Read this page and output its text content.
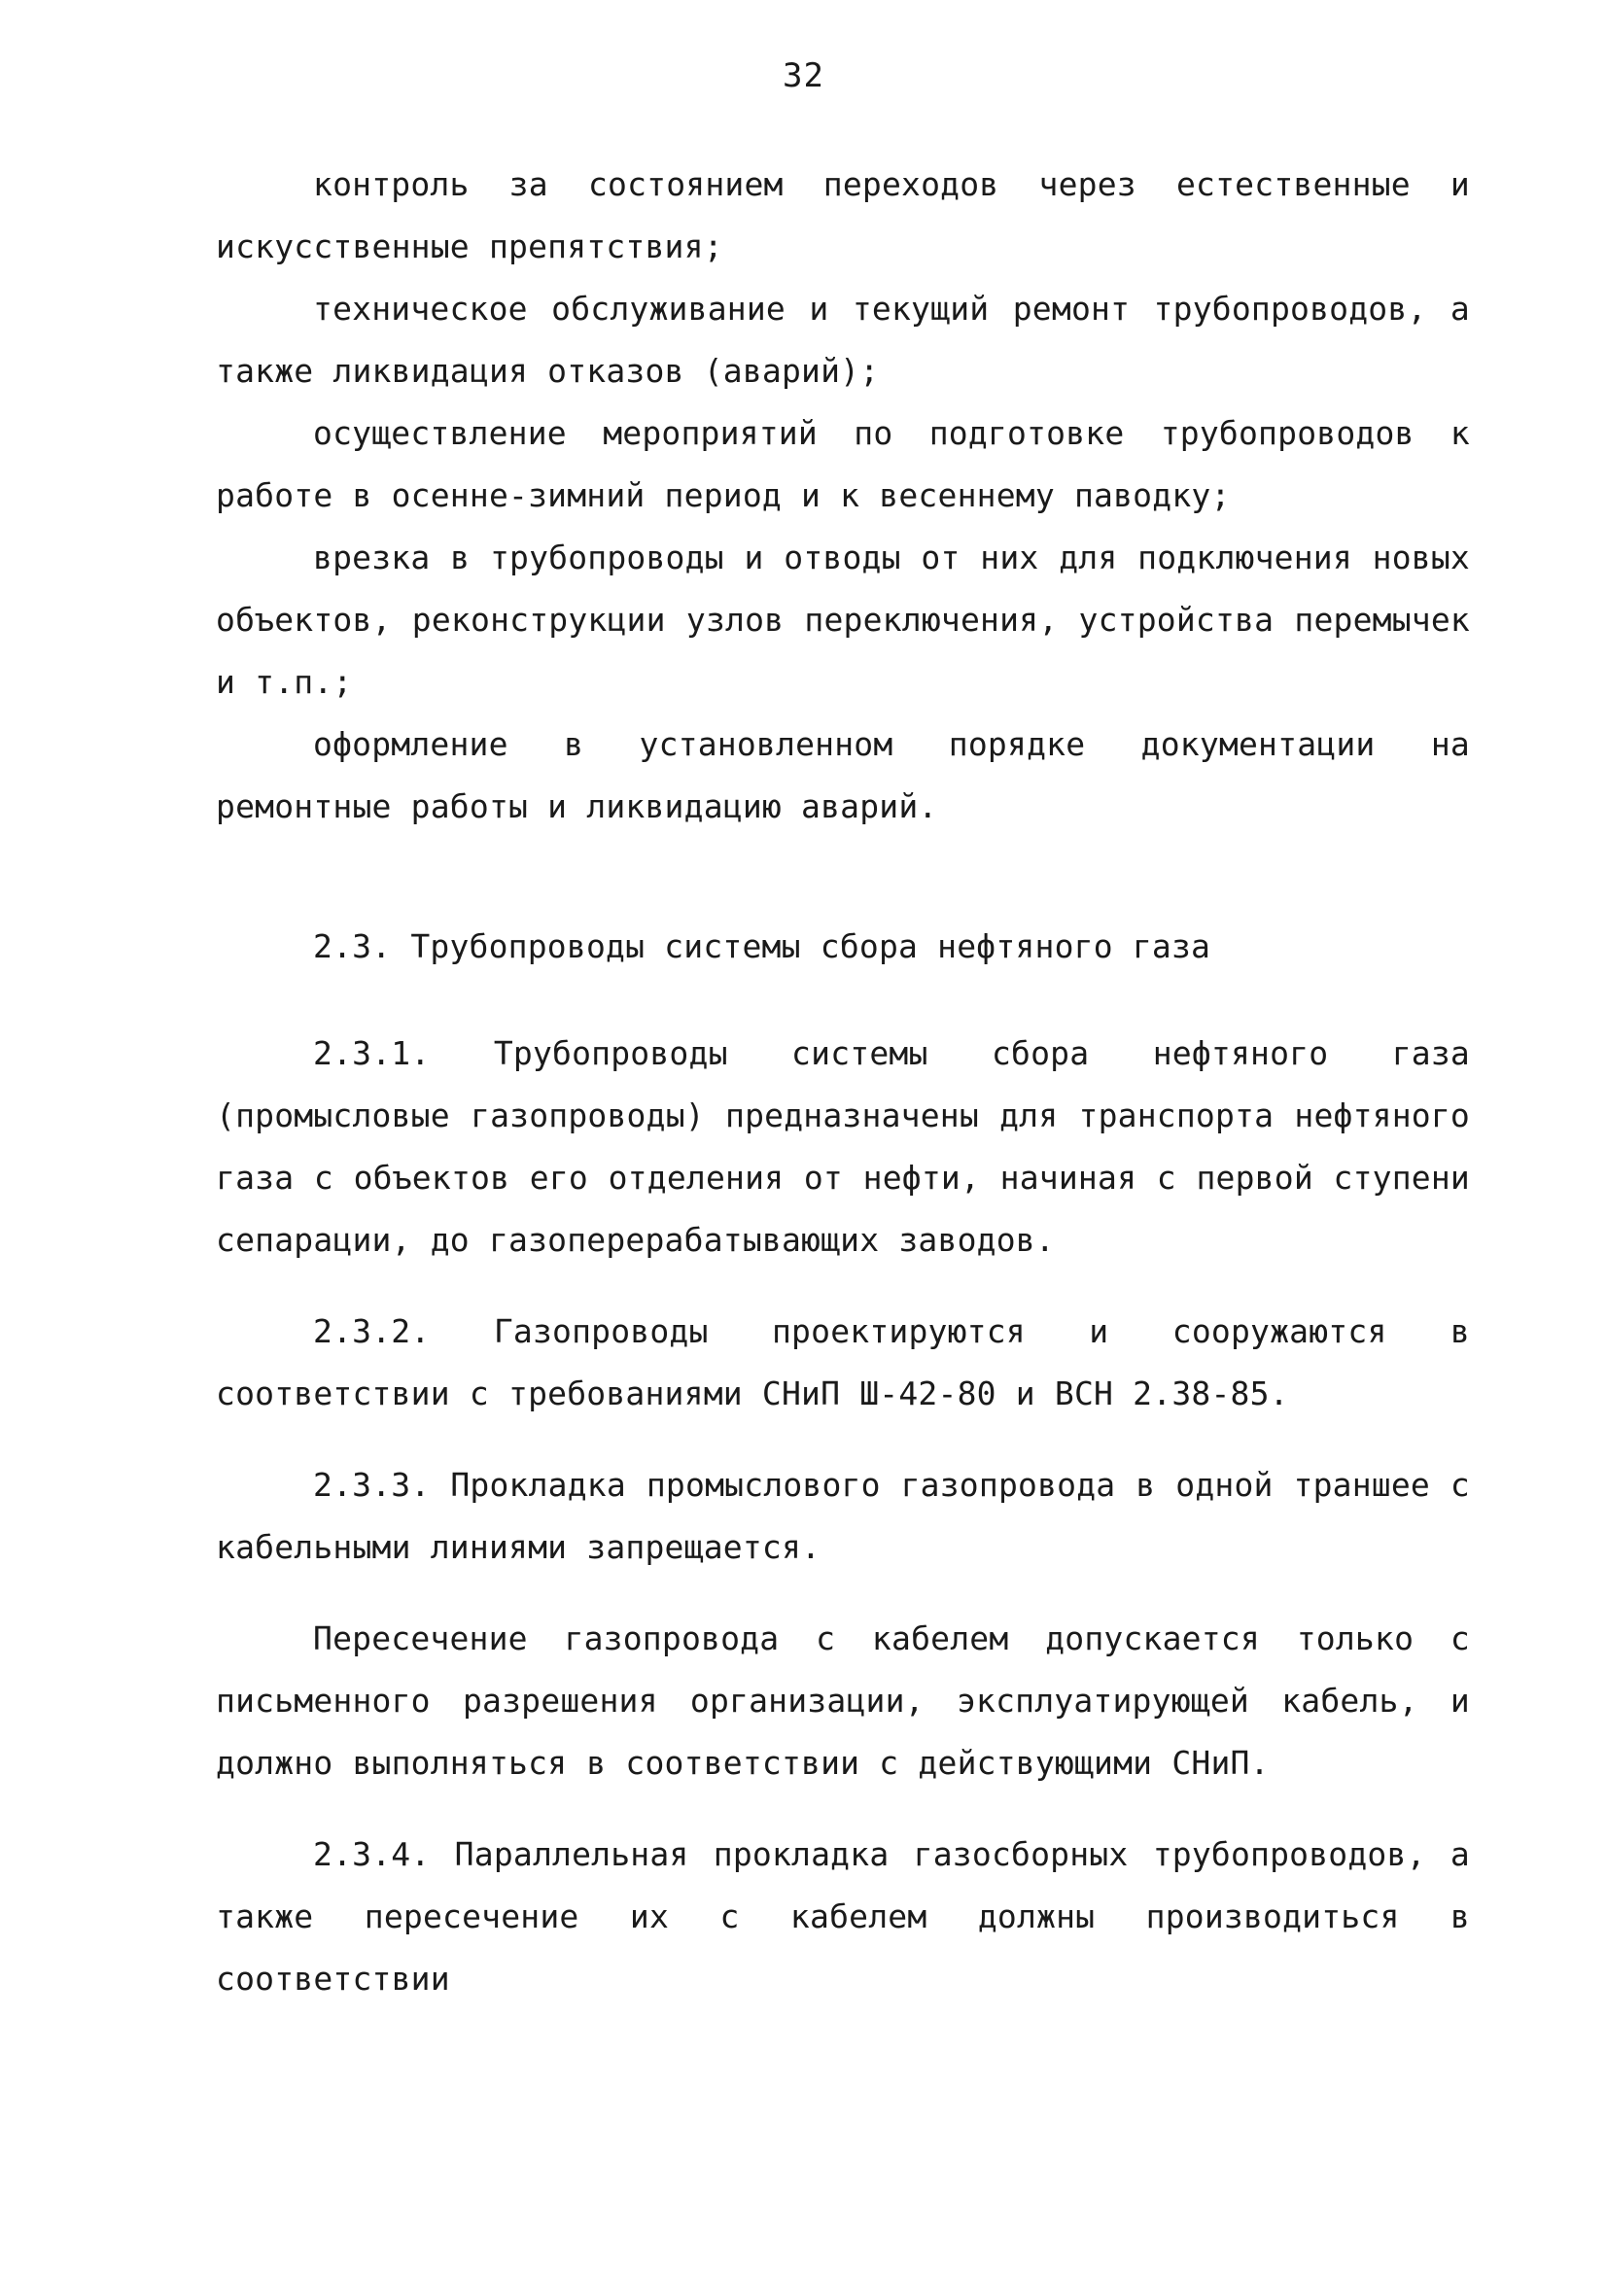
32

контроль за состоянием переходов через естественные и искусственные препятствия;

техническое обслуживание и текущий ремонт трубопроводов, а также ликвидация отказов (аварий);

осуществление мероприятий по подготовке трубопроводов к работе в осенне-зимний период и к весеннему паводку;

врезка в трубопроводы и отводы от них для подключения новых объектов, реконструкции узлов переключения, устройства перемычек и т.п.;

оформление в установленном порядке документации на ремонтные работы и ликвидацию аварий.

2.3. Трубопроводы системы сбора нефтяного газа

2.3.1. Трубопроводы системы сбора нефтяного газа (промысловые газопроводы) предназначены для транспорта нефтяного газа с объектов его отделения от нефти, начиная с первой ступени сепарации, до газоперерабатывающих заводов.

2.3.2. Газопроводы проектируются и сооружаются в соответствии с требованиями СНиП Ш-42-80 и ВСН 2.38-85.

2.3.3. Прокладка промыслового газопровода в одной траншее с кабельными линиями запрещается.

Пересечение газопровода с кабелем допускается только с письменного разрешения организации, эксплуатирующей кабель, и должно выполняться в соответствии с действующими СНиП.

2.3.4. Параллельная прокладка газосборных трубопроводов, а также пересечение их с кабелем должны производиться в соответствии
